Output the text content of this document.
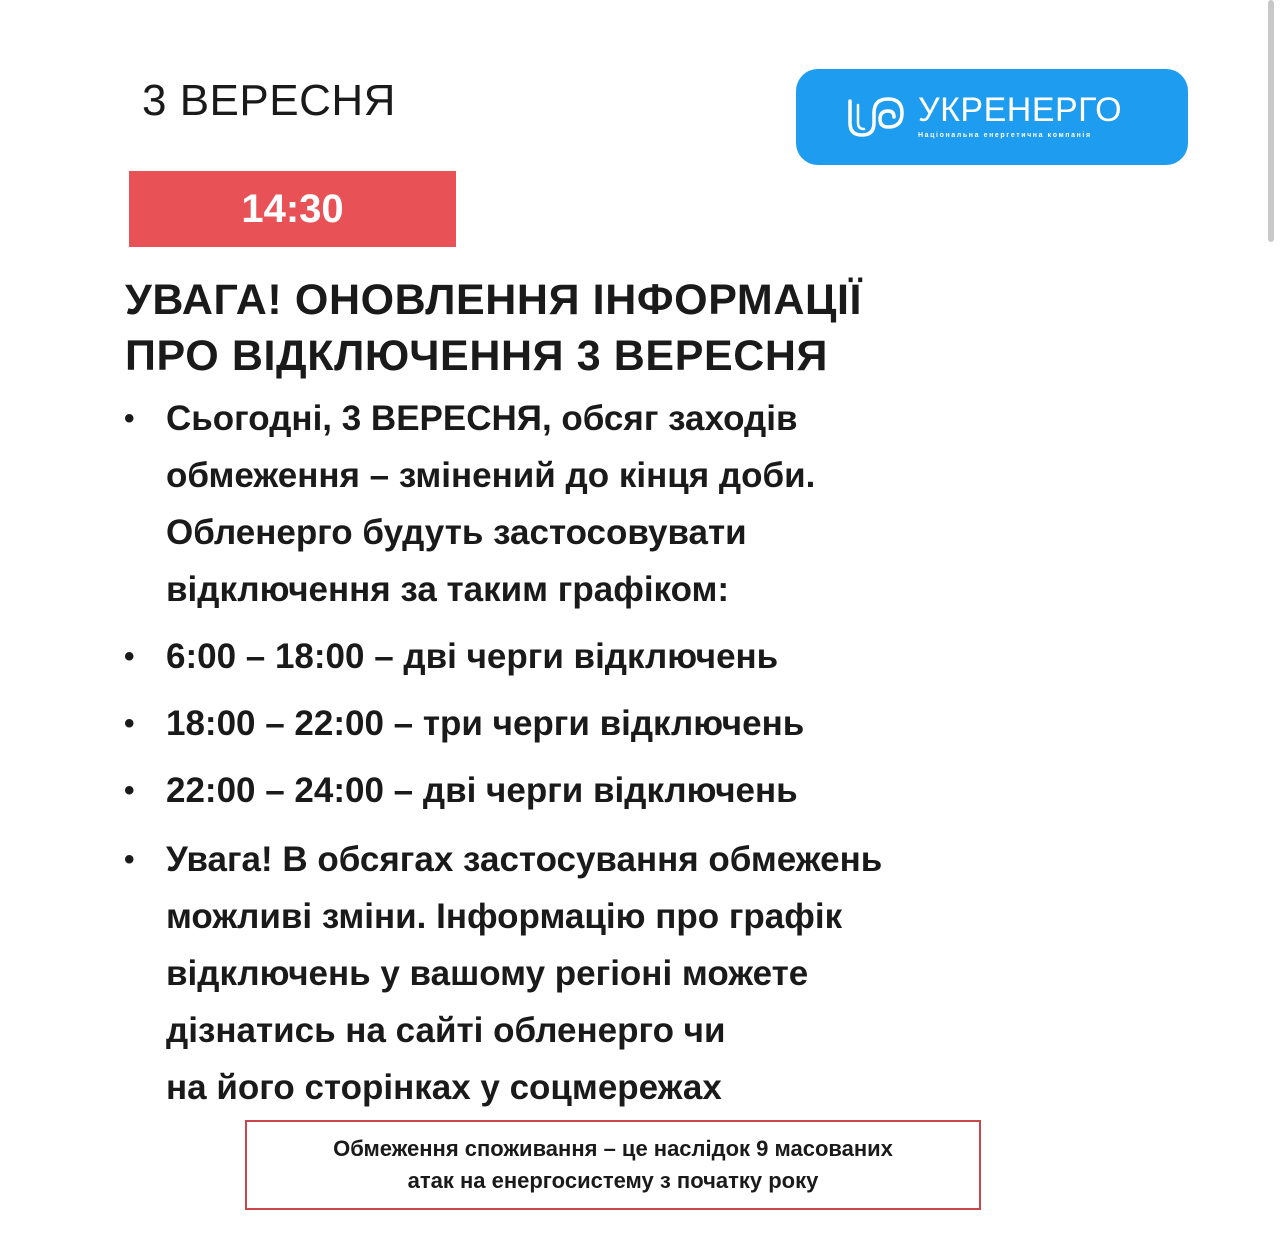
3 ВЕРЕСНЯ	УКРЕНЕРГО
Національна енергетична компанія
14:30
УВАГА! ОНОВЛЕННЯ ІНФОРМАЦІЇ
ПРО ВІДКЛЮЧЕННЯ 3 ВЕРЕСНЯ
• Сьогодні, 3 ВЕРЕСНЯ, обсяг заходів
обмеження – змінений до кінця доби.
Обленерго будуть застосовувати
відключення за таким графіком:
• 6:00 – 18:00 – дві черги відключень
• 18:00 – 22:00 – три черги відключень
• 22:00 – 24:00 – дві черги відключень
• Увага! В обсягах застосування обмежень
можливі зміни. Інформацію про графік
відключень у вашому регіоні можете
дізнатись на сайті обленерго чи
на його сторінках у соцмережах
Обмеження споживання – це наслідок 9 масованих
атак на енергосистему з початку року
